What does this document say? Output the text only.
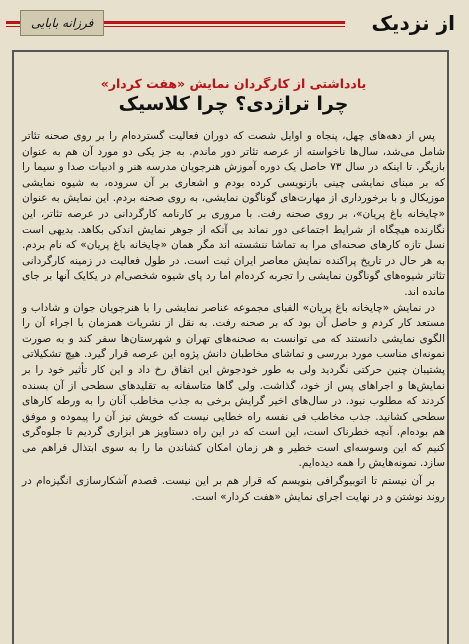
از نزدیک
فرزانه بابایی
یادداشتی از کارگردان نمایش «هفت کردار»
چرا تراژدی؟ چرا کلاسیک

پس از دهه‌های چهل، پنجاه و اوایل شصت که دوران فعالیت گسترده‌ام را بر روی صحنه تئاتر شامل می‌شد، سال‌ها ناخواسته از عرصه تئاتر دور ماندم. به جز یکی دو مورد آن هم به عنوان بازیگر. تا اینکه در سال ۷۳ حاصل یک دوره آموزش هنرجویان مدرسه هنر و ادبیات صدا و سیما را که بر مبنای نمایشی چینی بازنویسی کرده بودم و اشعاری بر آن سروده، به شیوه نمایشی موزیکال و با برخورداری از مهارت‌های گوناگون نمایشی، به روی صحنه بردم. این نمایش به عنوان «چایخانه باغ پریان»، بر روی صحنه رفت. با مروری بر کارنامه کارگردانی در عرصه تئاتر، این نگارنده هیچگاه از شرایط اجتماعی دور نماند بی آنکه از جوهر نمایش اندکی بکاهد. بدیهی است نسل تازه کارهای صحنه‌ای مرا به تماشا ننشسته اند مگر همان «چایخانه باغ پریان» که نام بردم. به هر حال در تاریخ پراکنده نمایش معاصر ایران ثبت است. در طول فعالیت در زمینه کارگردانی تئاتر شیوه‌های گوناگون نمایشی را تجربه کرده‌ام اما رد پای شیوه شخصی‌ام در یکایک آنها بر جای مانده اند.

در نمایش «چایخانه باغ پریان» الفبای مجموعه عناصر نمایشی را با هنرجویان جوان و شاداب و مستعد کار کردم و حاصل آن بود که بر صحنه رفت. به نقل از نشریات همزمان با اجراء آن را الگوی نمایشی دانستند که می توانست به صحنه‌های تهران و شهرستان‌ها سفر کند و به صورت نمونه‌ای مناسب مورد بررسی و تماشای مخاطبان دانش پژوه این عرصه قرار گیرد. هیچ تشکیلاتی پشتیبان چنین حرکتی نگردید ولی به طور خودجوش این اتفاق رخ داد و این کار تأثیر خود را بر نمایش‌ها و اجراهای پس از خود، گذاشت. ولی گاها متاسفانه به تقلیدهای سطحی از آن بسنده کردند که مطلوب نبود. در سال‌های اخیر گرایش برخی به جذب مخاطب آنان را به ورطه کارهای سطحی کشانید. جذب مخاطب فی نفسه راه خطایی نیست که خویش نیز آن را پیموده و موفق هم بوده‌ام. آنچه خطرناک است، این است که در این راه دستاویز هر ابزاری گردیم تا جلوه‌گری کنیم که این وسوسه‌ای است خطیر و هر زمان امکان کشاندن ما را به سوی ابتذال فراهم می سازد. نمونه‌هایش را همه دیده‌ایم.

بر آن نیستم تا اتوبیوگرافی بنویسم که قرار هم بر این نیست. قصدم آشکارسازی انگیزه‌ام در روند نوشتن و در نهایت اجرای نمایش «هفت کردار» است.
